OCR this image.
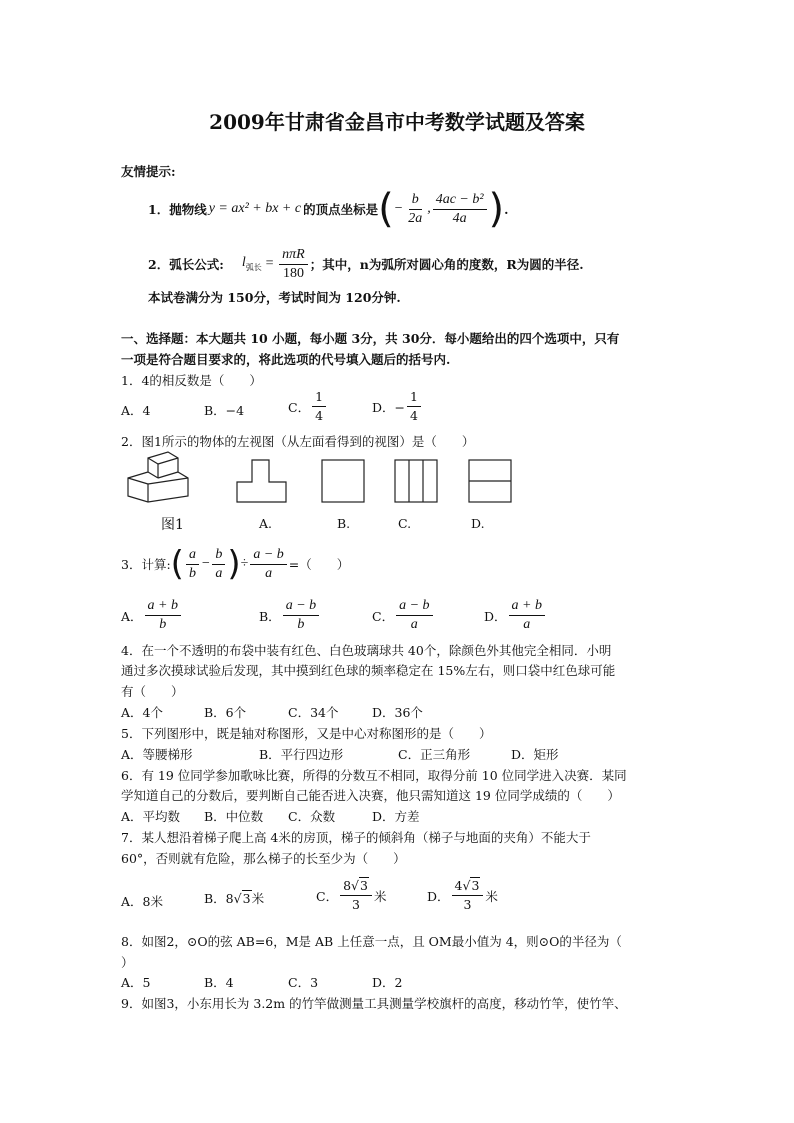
2009年甘肃省金昌市中考数学试题及答案
友情提示:
1．抛物线 y = ax² + bx + c 的顶点坐标是 ( − $\frac{b}{2a}$ , $\frac{\text{4ac − b²}}{4a}$ ) .
2．弧长公式: $l_{弧长} = \frac{\text{nπR}}{180}$ ；其中，n为弧所对圆心角的度数，R为圆的半径.
本试卷满分为 150分，考试时间为 120分钟.
一、选择题：本大题共 10 小题，每小题 3分，共 30分．每小题给出的四个选项中，只有
一项是符合题目要求的，将此选项的代号填入题后的括号内.
1．4的相反数是（　　）
A．4	B．−4	C． $\frac{1}{4}$	D．− $\frac{1}{4}$
2．图1所示的物体的左视图（从左面看得到的视图）是（　　）
图1	A.	B.	C.	D.
3．计算: ( $\frac{a}{b} - \frac{b}{a}$ ) ÷ $\frac{a - b}{a}$ =（　　）
A． $\frac{a + b}{b}$	B． $\frac{a - b}{b}$	C． $\frac{a - b}{a}$	D． $\frac{a + b}{a}$
4．在一个不透明的布袋中装有红色、白色玻璃球共 40个，除颜色外其他完全相同．小明
通过多次摸球试验后发现，其中摸到红色球的频率稳定在 15%左右，则口袋中红色球可能
有（　　）
A．4个	B．6个	C．34个	D．36个
5．下列图形中，既是轴对称图形，又是中心对称图形的是（　　）
A．等腰梯形	B．平行四边形	C．正三角形	D．矩形
6．有 19 位同学参加歌咏比赛，所得的分数互不相同，取得分前 10 位同学进入决赛．某同
学知道自己的分数后，要判断自己能否进入决赛，他只需知道这 19 位同学成绩的（　　）
A．平均数 B．中位数 C．众数	D．方差
7．某人想沿着梯子爬上高 4米的房顶，梯子的倾斜角（梯子与地面的夹角）不能大于
60°，否则就有危险，那么梯子的长至少为（　　）
A．8米	B．8 √ 3 米	C． $\frac{8√3}{3}$ 米	D． $\frac{4√3}{3}$ 米
8．如图2，⊙O的弦 AB=6，M是 AB 上任意一点，且 OM最小值为 4，则⊙O的半径为（
）
A．5	B．4	C．3	D．2
9．如图3，小东用长为 3.2m 的竹竿做测量工具测量学校旗杆的高度，移动竹竿，使竹竿、
